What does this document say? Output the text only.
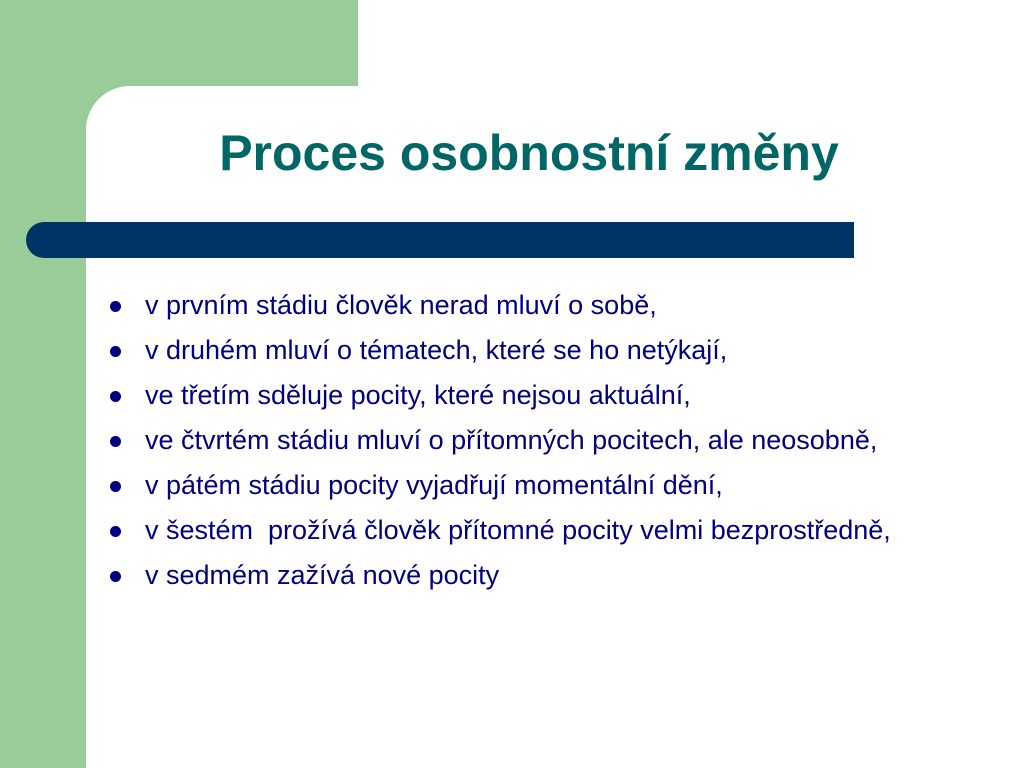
Proces osobnostní změny
v prvním stádiu člověk nerad mluví o sobě,
v druhém mluví o tématech, které se ho netýkají,
ve třetím sděluje pocity, které nejsou aktuální,
ve čtvrtém stádiu mluví o přítomných pocitech, ale neosobně,
v pátém stádiu pocity vyjadřují momentální dění,
v šestém  prožívá člověk přítomné pocity velmi bezprostředně,
v sedmém zažívá nové pocity
